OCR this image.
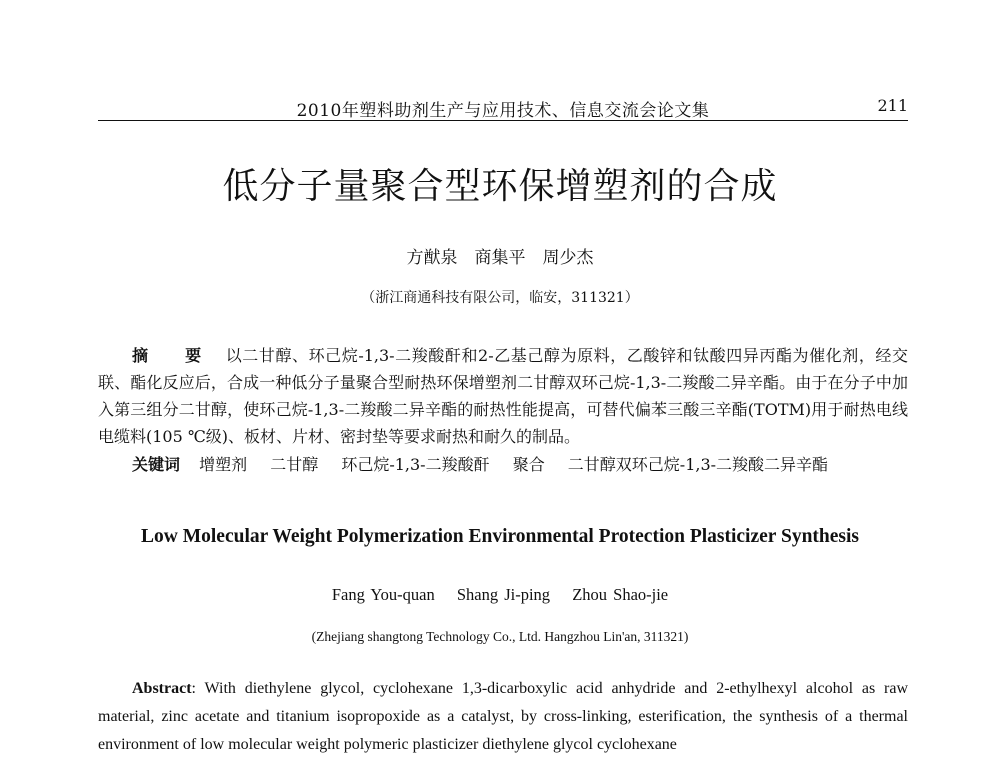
2010年塑料助剂生产与应用技术、信息交流会论文集	211
低分子量聚合型环保增塑剂的合成
方猷泉　商集平　周少杰
（浙江商通科技有限公司，临安，311321）
摘　要 以二甘醇、环己烷-1,3-二羧酸酐和2-乙基己醇为原料，乙酸锌和钛酸四异丙酯为催化剂，经交联、酯化反应后，合成一种低分子量聚合型耐热环保增塑剂二甘醇双环己烷-1,3-二羧酸二异辛酯。由于在分子中加入第三组分二甘醇，使环己烷-1,3-二羧酸二异辛酯的耐热性能提高，可替代偏苯三酸三辛酯(TOTM)用于耐热电线电缆料(105 ℃级)、板材、片材、密封垫等要求耐热和耐久的制品。
关键词 增塑剂 二甘醇 环己烷-1,3-二羧酸酐 聚合 二甘醇双环己烷-1,3-二羧酸二异辛酯
Low Molecular Weight Polymerization Environmental Protection Plasticizer Synthesis
Fang You-quan Shang Ji-ping Zhou Shao-jie
(Zhejiang shangtong Technology Co., Ltd. Hangzhou Lin'an, 311321)
Abstract: With diethylene glycol, cyclohexane 1,3-dicarboxylic acid anhydride and 2-ethylhexyl alcohol as raw material, zinc acetate and titanium isopropoxide as a catalyst, by cross-linking, esterification, the synthesis of a thermal environment of low molecular weight polymeric plasticizer diethylene glycol cyclohexane
